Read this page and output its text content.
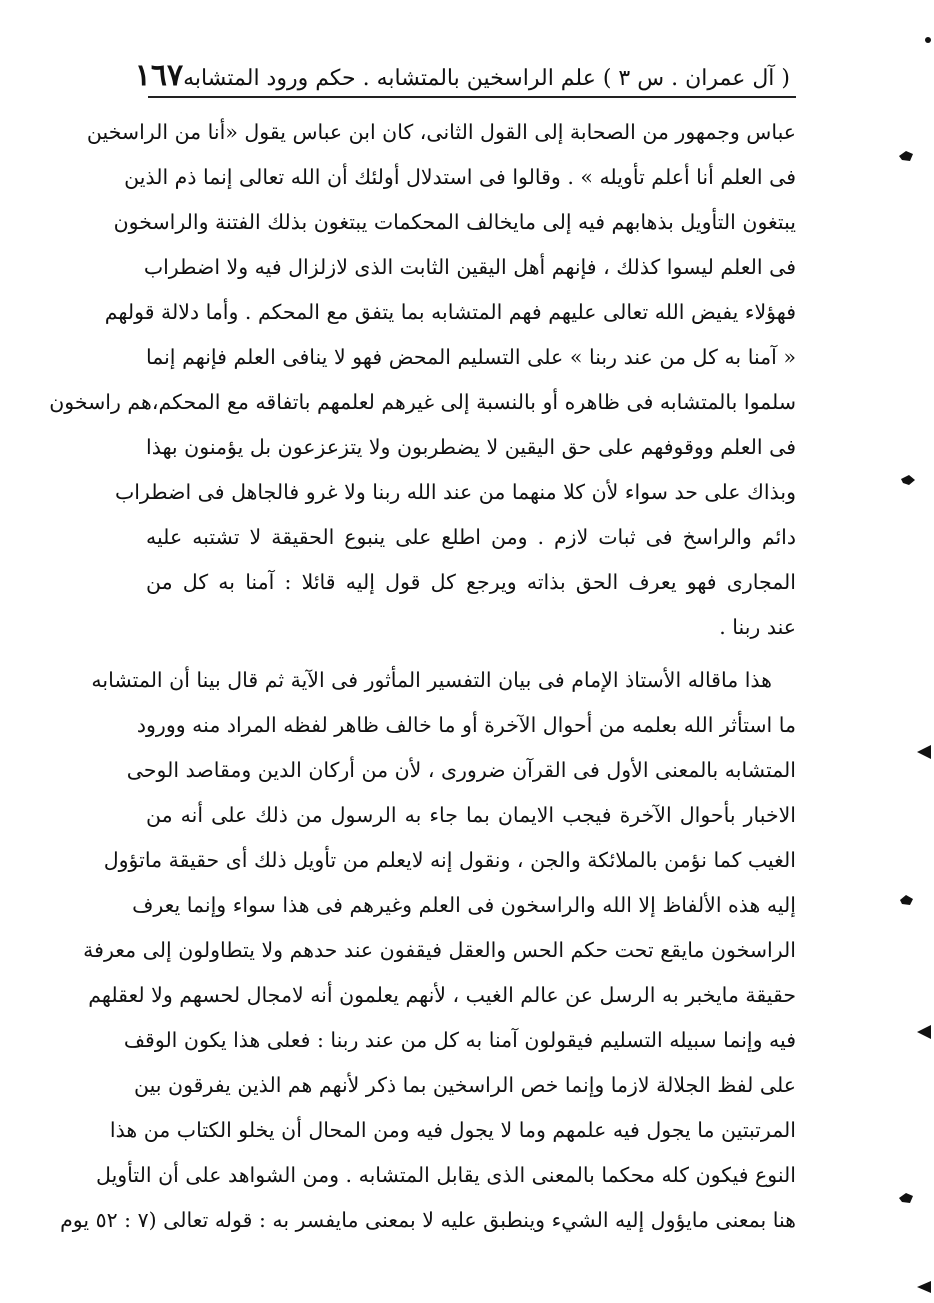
( آل عمران . س ٣ ) علم الراسخين بالمتشابه . حكم ورود المتشابه
١٦٧
عباس وجمهور من الصحابة إلى القول الثانى، كان ابن عباس يقول «أنا من الراسخين
فى العلم أنا أعلم تأويله » . وقالوا فى استدلال أولئك أن الله تعالى إنما ذم الذين
يبتغون التأويل بذهابهم فيه إلى مايخالف المحكمات يبتغون بذلك الفتنة والراسخون
فى العلم ليسوا كذلك ، فإنهم أهل اليقين الثابت الذى لازلزال فيه ولا اضطراب
فهؤلاء يفيض الله تعالى عليهم فهم المتشابه بما يتفق مع المحكم . وأما دلالة قولهم
« آمنا به كل من عند ربنا » على التسليم المحض فهو لا ينافى العلم فإنهم إنما
سلموا بالمتشابه فى ظاهره أو بالنسبة إلى غيرهم لعلمهم باتفاقه مع المحكم،هم راسخون
فى العلم ووقوفهم على حق اليقين لا يضطربون ولا يتزعزعون بل يؤمنون بهذا
وبذاك على حد سواء لأن كلا منهما من عند الله ربنا ولا غرو فالجاهل فى اضطراب
دائم والراسخ فى ثبات لازم . ومن اطلع على ينبوع الحقيقة لا تشتبه عليه
المجارى فهو يعرف الحق بذاته ويرجع كل قول إليه قائلا : آمنا به كل من
عند ربنا .
هذا ماقاله الأستاذ الإمام فى بيان التفسير المأثور فى الآية ثم قال بينا أن المتشابه
ما استأثر الله بعلمه من أحوال الآخرة أو ما خالف ظاهر لفظه المراد منه وورود
المتشابه بالمعنى الأول فى القرآن ضرورى ، لأن من أركان الدين ومقاصد الوحى
الاخبار بأحوال الآخرة فيجب الايمان بما جاء به الرسول من ذلك على أنه من
الغيب كما نؤمن بالملائكة والجن ، ونقول إنه لايعلم من تأويل ذلك أى حقيقة ماتؤول
إليه هذه الألفاظ إلا الله والراسخون فى العلم وغيرهم فى هذا سواء وإنما يعرف
الراسخون مايقع تحت حكم الحس والعقل فيقفون عند حدهم ولا يتطاولون إلى معرفة
حقيقة مايخبر به الرسل عن عالم الغيب ، لأنهم يعلمون أنه لامجال لحسهم ولا لعقلهم
فيه وإنما سبيله التسليم فيقولون آمنا به كل من عند ربنا : فعلى هذا يكون الوقف
على لفظ الجلالة لازما وإنما خص الراسخين بما ذكر لأنهم هم الذين يفرقون بين
المرتبتين ما يجول فيه علمهم وما لا يجول فيه ومن المحال أن يخلو الكتاب من هذا
النوع فيكون كله محكما بالمعنى الذى يقابل المتشابه . ومن الشواهد على أن التأويل
هنا بمعنى مايؤول إليه الشيء وينطبق عليه لا بمعنى مايفسر به : قوله تعالى (٧ : ٥٢ يوم
